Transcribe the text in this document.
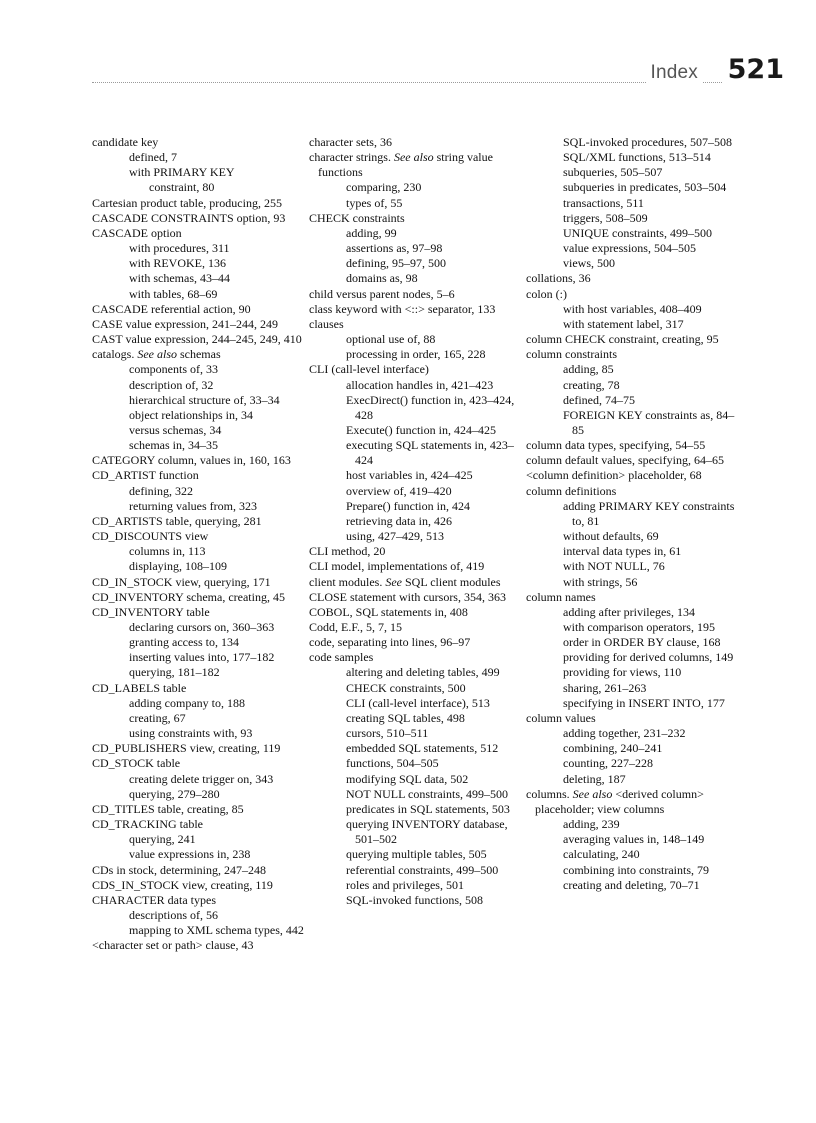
Index 521
candidate key
defined, 7
with PRIMARY KEY
constraint, 80
Cartesian product table, producing, 255
CASCADE CONSTRAINTS option, 93
CASCADE option
with procedures, 311
with REVOKE, 136
with schemas, 43–44
with tables, 68–69
CASCADE referential action, 90
CASE value expression, 241–244, 249
CAST value expression, 244–245, 249, 410
catalogs. See also schemas
components of, 33
description of, 32
hierarchical structure of, 33–34
object relationships in, 34
versus schemas, 34
schemas in, 34–35
CATEGORY column, values in, 160, 163
CD_ARTIST function
defining, 322
returning values from, 323
CD_ARTISTS table, querying, 281
CD_DISCOUNTS view
columns in, 113
displaying, 108–109
CD_IN_STOCK view, querying, 171
CD_INVENTORY schema, creating, 45
CD_INVENTORY table
declaring cursors on, 360–363
granting access to, 134
inserting values into, 177–182
querying, 181–182
CD_LABELS table
adding company to, 188
creating, 67
using constraints with, 93
CD_PUBLISHERS view, creating, 119
CD_STOCK table
creating delete trigger on, 343
querying, 279–280
CD_TITLES table, creating, 85
CD_TRACKING table
querying, 241
value expressions in, 238
CDs in stock, determining, 247–248
CDS_IN_STOCK view, creating, 119
CHARACTER data types
descriptions of, 56
mapping to XML schema types, 442
<character set or path> clause, 43
character sets, 36
character strings. See also string value functions
comparing, 230
types of, 55
CHECK constraints
adding, 99
assertions as, 97–98
defining, 95–97, 500
domains as, 98
child versus parent nodes, 5–6
class keyword with <::> separator, 133
clauses
optional use of, 88
processing in order, 165, 228
CLI (call-level interface)
allocation handles in, 421–423
ExecDirect() function in, 423–424, 428
Execute() function in, 424–425
executing SQL statements in, 423–424
host variables in, 424–425
overview of, 419–420
Prepare() function in, 424
retrieving data in, 426
using, 427–429, 513
CLI method, 20
CLI model, implementations of, 419
client modules. See SQL client modules
CLOSE statement with cursors, 354, 363
COBOL, SQL statements in, 408
Codd, E.F., 5, 7, 15
code, separating into lines, 96–97
code samples
altering and deleting tables, 499
CHECK constraints, 500
CLI (call-level interface), 513
creating SQL tables, 498
cursors, 510–511
embedded SQL statements, 512
functions, 504–505
modifying SQL data, 502
NOT NULL constraints, 499–500
predicates in SQL statements, 503
querying INVENTORY database, 501–502
querying multiple tables, 505
referential constraints, 499–500
roles and privileges, 501
SQL-invoked functions, 508
SQL-invoked procedures, 507–508
SQL/XML functions, 513–514
subqueries, 505–507
subqueries in predicates, 503–504
transactions, 511
triggers, 508–509
UNIQUE constraints, 499–500
value expressions, 504–505
views, 500
collations, 36
colon (:)
with host variables, 408–409
with statement label, 317
column CHECK constraint, creating, 95
column constraints
adding, 85
creating, 78
defined, 74–75
FOREIGN KEY constraints as, 84–85
column data types, specifying, 54–55
column default values, specifying, 64–65
<column definition> placeholder, 68
column definitions
adding PRIMARY KEY constraints to, 81
without defaults, 69
interval data types in, 61
with NOT NULL, 76
with strings, 56
column names
adding after privileges, 134
with comparison operators, 195
order in ORDER BY clause, 168
providing for derived columns, 149
providing for views, 110
sharing, 261–263
specifying in INSERT INTO, 177
column values
adding together, 231–232
combining, 240–241
counting, 227–228
deleting, 187
columns. See also <derived column> placeholder; view columns
adding, 239
averaging values in, 148–149
calculating, 240
combining into constraints, 79
creating and deleting, 70–71
